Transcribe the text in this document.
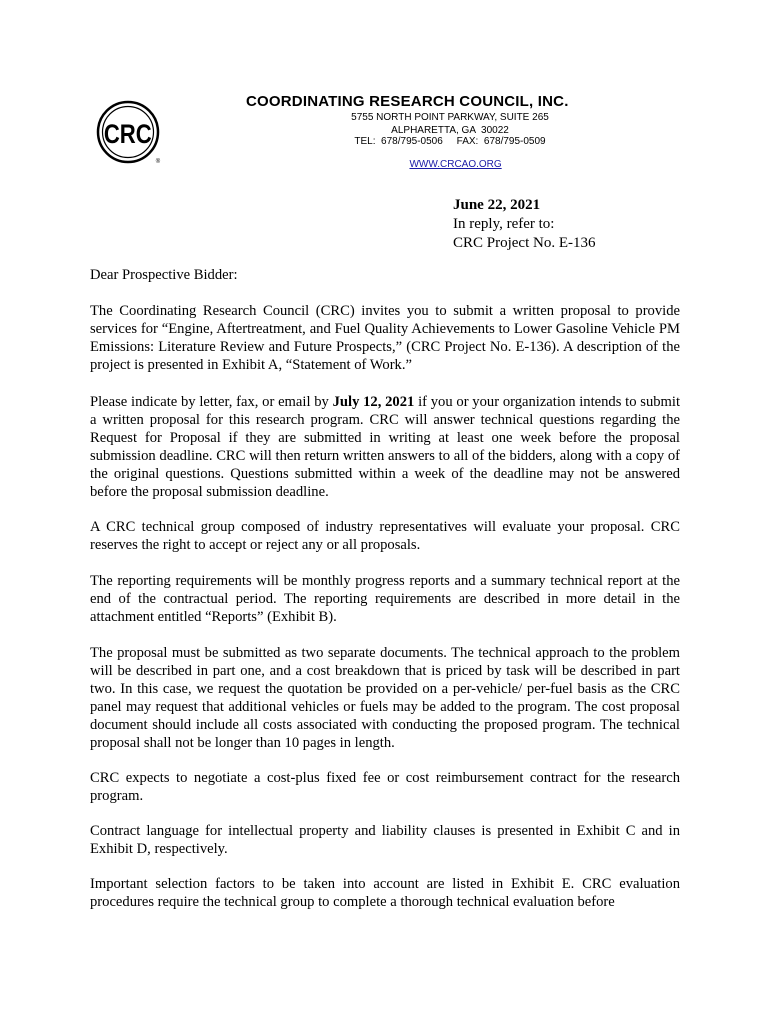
CRC
®
COORDINATING RESEARCH COUNCIL, INC.
5755 NORTH POINT PARKWAY, SUITE 265
ALPHARETTA, GA  30022
TEL:  678/795-0506     FAX:  678/795-0509

WWW.CRCAO.ORG

June 22, 2021
In reply, refer to:
CRC Project No. E-136

Dear Prospective Bidder:

The Coordinating Research Council (CRC) invites you to submit a written proposal to provide services for “Engine, Aftertreatment, and Fuel Quality Achievements to Lower Gasoline Vehicle PM Emissions: Literature Review and Future Prospects,” (CRC Project No. E-136). A description of the project is presented in Exhibit A, “Statement of Work.”

Please indicate by letter, fax, or email by July 12, 2021 if you or your organization intends to submit a written proposal for this research program. CRC will answer technical questions regarding the Request for Proposal if they are submitted in writing at least one week before the proposal submission deadline. CRC will then return written answers to all of the bidders, along with a copy of the original questions. Questions submitted within a week of the deadline may not be answered before the proposal submission deadline.

A CRC technical group composed of industry representatives will evaluate your proposal. CRC reserves the right to accept or reject any or all proposals.

The reporting requirements will be monthly progress reports and a summary technical report at the end of the contractual period. The reporting requirements are described in more detail in the attachment entitled “Reports” (Exhibit B).

The proposal must be submitted as two separate documents. The technical approach to the problem will be described in part one, and a cost breakdown that is priced by task will be described in part two. In this case, we request the quotation be provided on a per-vehicle/ per-fuel basis as the CRC panel may request that additional vehicles or fuels may be added to the program. The cost proposal document should include all costs associated with conducting the proposed program. The technical proposal shall not be longer than 10 pages in length.

CRC expects to negotiate a cost-plus fixed fee or cost reimbursement contract for the research program.

Contract language for intellectual property and liability clauses is presented in Exhibit C and in Exhibit D, respectively.

Important selection factors to be taken into account are listed in Exhibit E. CRC evaluation procedures require the technical group to complete a thorough technical evaluation before
